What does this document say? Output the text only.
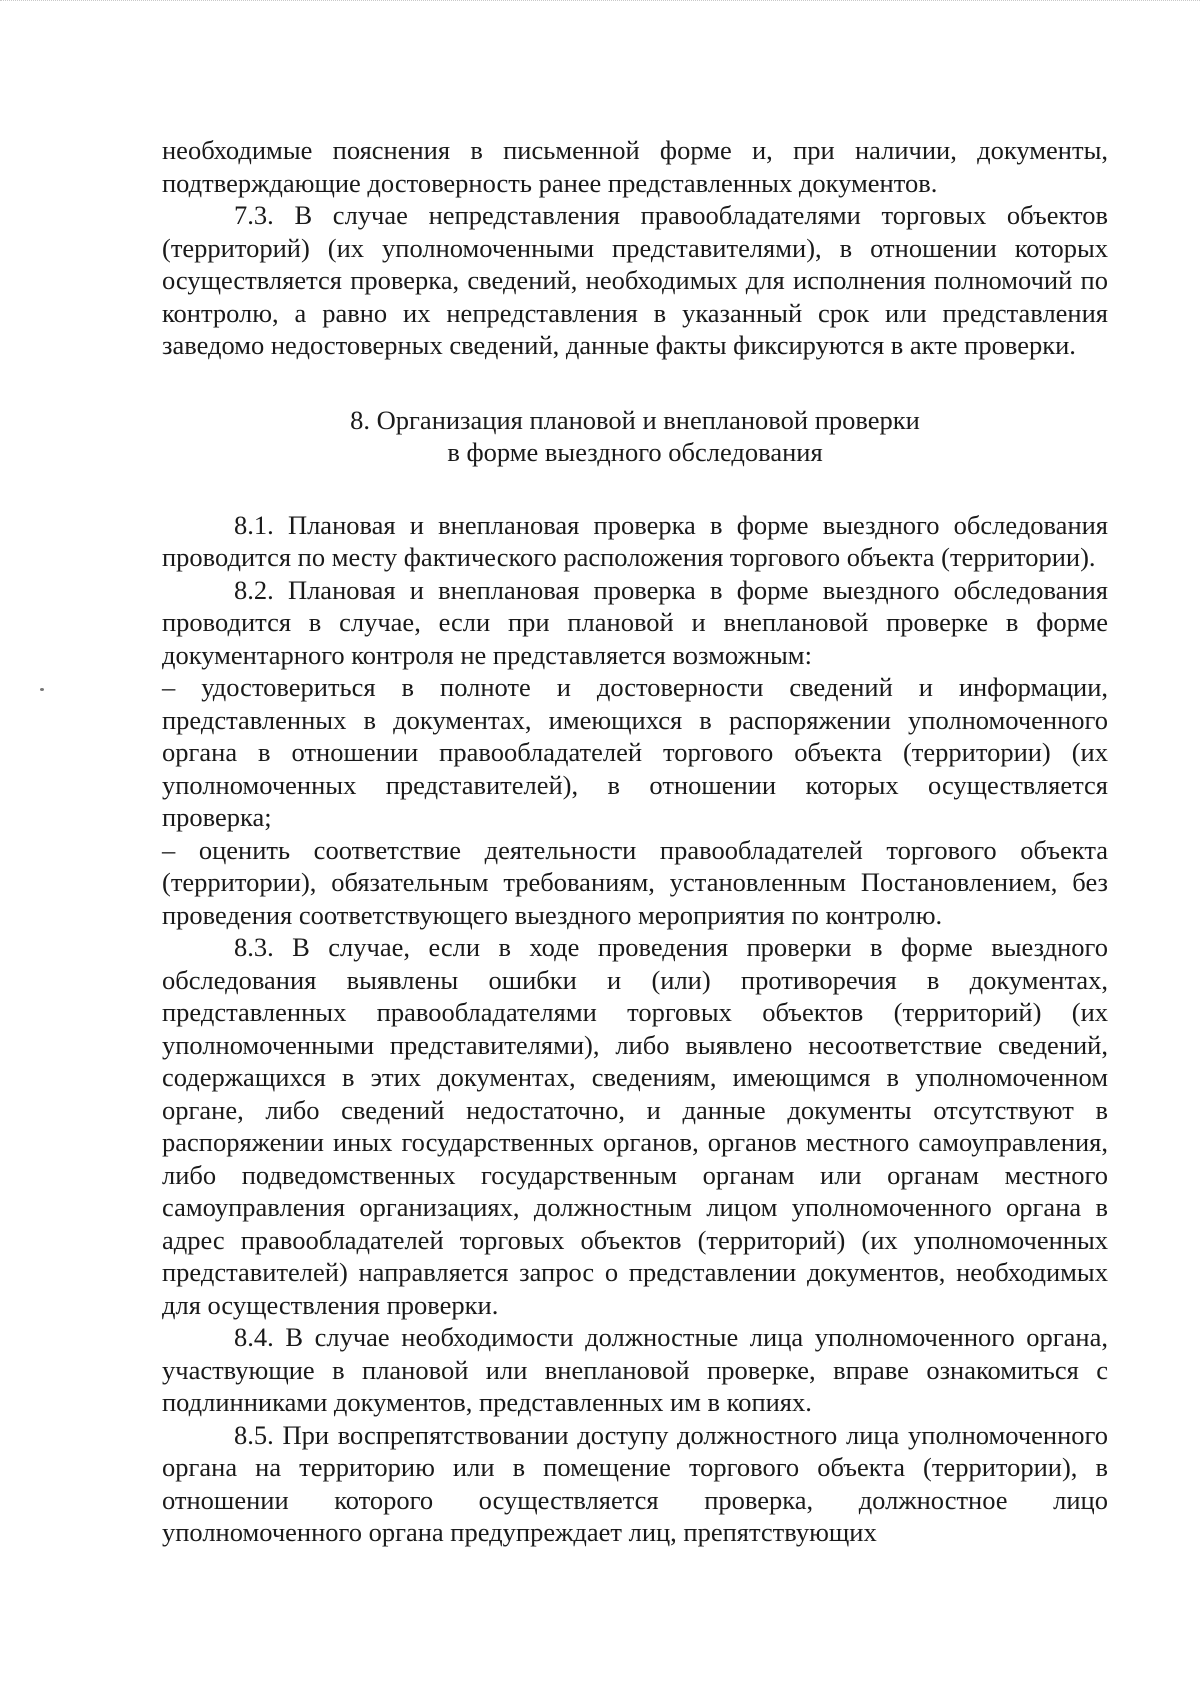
необходимые пояснения в письменной форме и, при наличии, документы, подтверждающие достоверность ранее представленных документов.

7.3. В случае непредставления правообладателями торговых объектов (территорий) (их уполномоченными представителями), в отношении которых осуществляется проверка, сведений, необходимых для исполнения полномочий по контролю, а равно их непредставления в указанный срок или представления заведомо недостоверных сведений, данные факты фиксируются в акте проверки.

8. Организация плановой и внеплановой проверки
в форме выездного обследования

8.1. Плановая и внеплановая проверка в форме выездного обследования проводится по месту фактического расположения торгового объекта (территории).

8.2. Плановая и внеплановая проверка в форме выездного обследования проводится в случае, если при плановой и внеплановой проверке в форме документарного контроля не представляется возможным:

– удостовериться в полноте и достоверности сведений и информации, представленных в документах, имеющихся в распоряжении уполномоченного органа в отношении правообладателей торгового объекта (территории) (их уполномоченных представителей), в отношении которых осуществляется проверка;

– оценить соответствие деятельности правообладателей торгового объекта (территории), обязательным требованиям, установленным Постановлением, без проведения соответствующего выездного мероприятия по контролю.

8.3. В случае, если в ходе проведения проверки в форме выездного обследования выявлены ошибки и (или) противоречия в документах, представленных правообладателями торговых объектов (территорий) (их уполномоченными представителями), либо выявлено несоответствие сведений, содержащихся в этих документах, сведениям, имеющимся в уполномоченном органе, либо сведений недостаточно, и данные документы отсутствуют в распоряжении иных государственных органов, органов местного самоуправления, либо подведомственных государственным органам или органам местного самоуправления организациях, должностным лицом уполномоченного органа в адрес правообладателей торговых объектов (территорий) (их уполномоченных представителей) направляется запрос о представлении документов, необходимых для осуществления проверки.

8.4. В случае необходимости должностные лица уполномоченного органа, участвующие в плановой или внеплановой проверке, вправе ознакомиться с подлинниками документов, представленных им в копиях.

8.5. При воспрепятствовании доступу должностного лица уполномоченного органа на территорию или в помещение торгового объекта (территории), в отношении которого осуществляется проверка, должностное лицо уполномоченного органа предупреждает лиц, препятствующих
